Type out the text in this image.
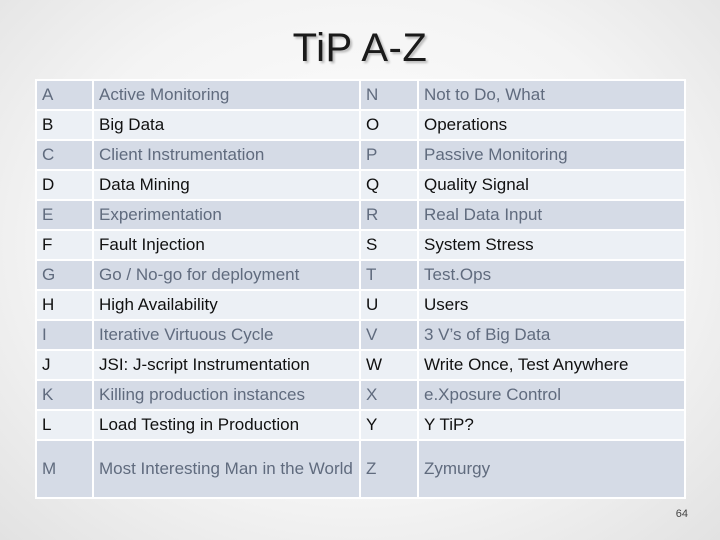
TiP A-Z
A	Active Monitoring	N	Not to Do, What
B	Big Data	O	Operations
C	Client Instrumentation	P	Passive Monitoring
D	Data Mining	Q	Quality Signal
E	Experimentation	R	Real Data Input
F	Fault Injection	S	System Stress
G	Go / No-go for deployment	T	Test.Ops
H	High Availability	U	Users
I	Iterative Virtuous Cycle	V	3 V’s of Big Data
J	JSI: J-script Instrumentation	W	Write Once, Test Anywhere
K	Killing production instances	X	e.Xposure Control
L	Load Testing in Production	Y	Y TiP?
M	Most Interesting Man in the World	Z	Zymurgy
64
